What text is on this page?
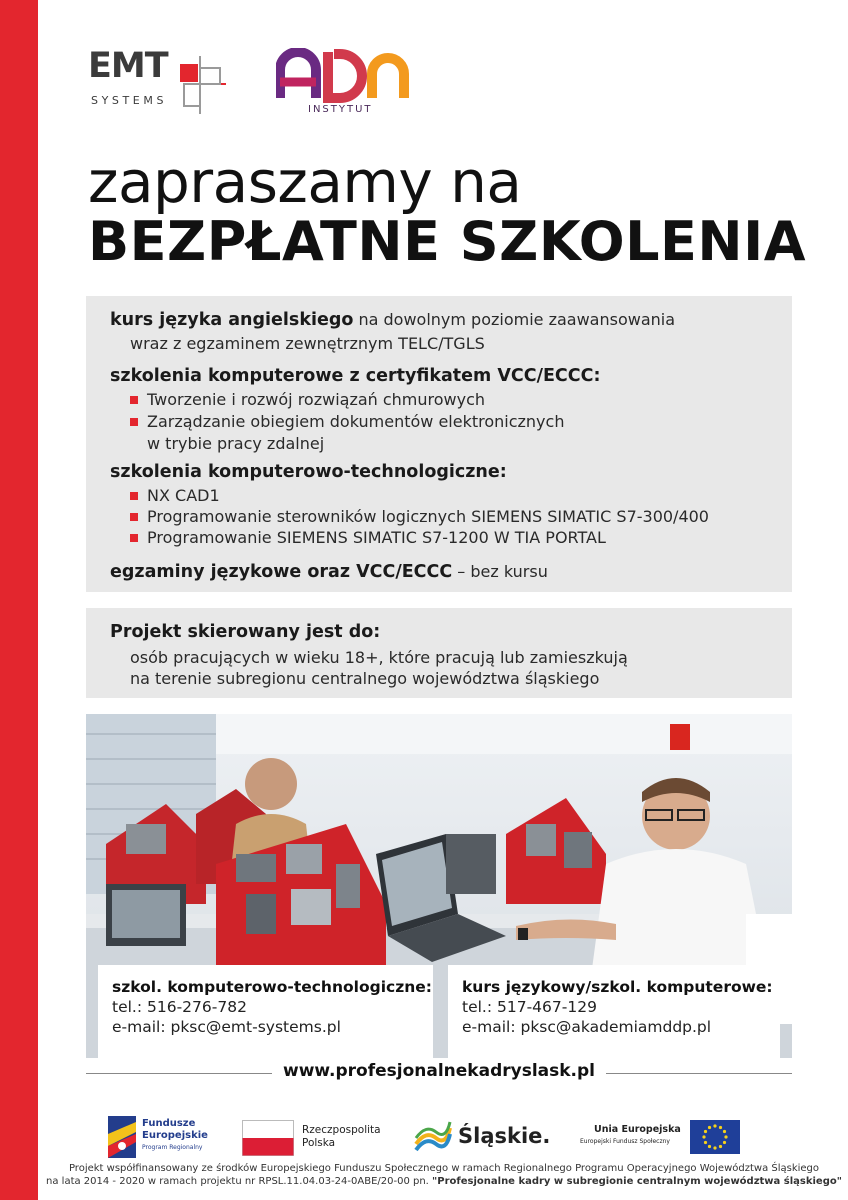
EMT
SYSTEMS
INSTYTUT
zapraszamy na
BEZPŁATNE SZKOLENIA
kurs języka angielskiego na dowolnym poziomie zaawansowania
wraz z egzaminem zewnętrznym TELC/TGLS
szkolenia komputerowe z certyfikatem VCC/ECCC:
Tworzenie i rozwój rozwiązań chmurowych
Zarządzanie obiegiem dokumentów elektronicznych
w trybie pracy zdalnej
szkolenia komputerowo-technologiczne:
NX CAD1
Programowanie sterowników logicznych SIEMENS SIMATIC S7-300/400
Programowanie SIEMENS SIMATIC S7-1200 W TIA PORTAL
egzaminy językowe oraz VCC/ECCC – bez kursu
Projekt skierowany jest do:
osób pracujących w wieku 18+, które pracują lub zamieszkują
na terenie subregionu centralnego województwa śląskiego
szkol. komputerowo-technologiczne:
tel.: 516-276-782
e-mail: pksc@emt-systems.pl
kurs językowy/szkol. komputerowe:
tel.: 517-467-129
e-mail: pksc@akademiamddp.pl
www.profesjonalnekadryslask.pl
Fundusze
Europejskie
Program Regionalny
Rzeczpospolita
Polska	Śląskie.	Unia Europejska
Europejski Fundusz Społeczny
Projekt współfinansowany ze środków Europejskiego Funduszu Społecznego w ramach Regionalnego Programu Operacyjnego Województwa Śląskiego
na lata 2014 - 2020 w ramach projektu nr RPSL.11.04.03-24-0ABE/20-00 pn. "Profesjonalne kadry w subregionie centralnym województwa śląskiego"
